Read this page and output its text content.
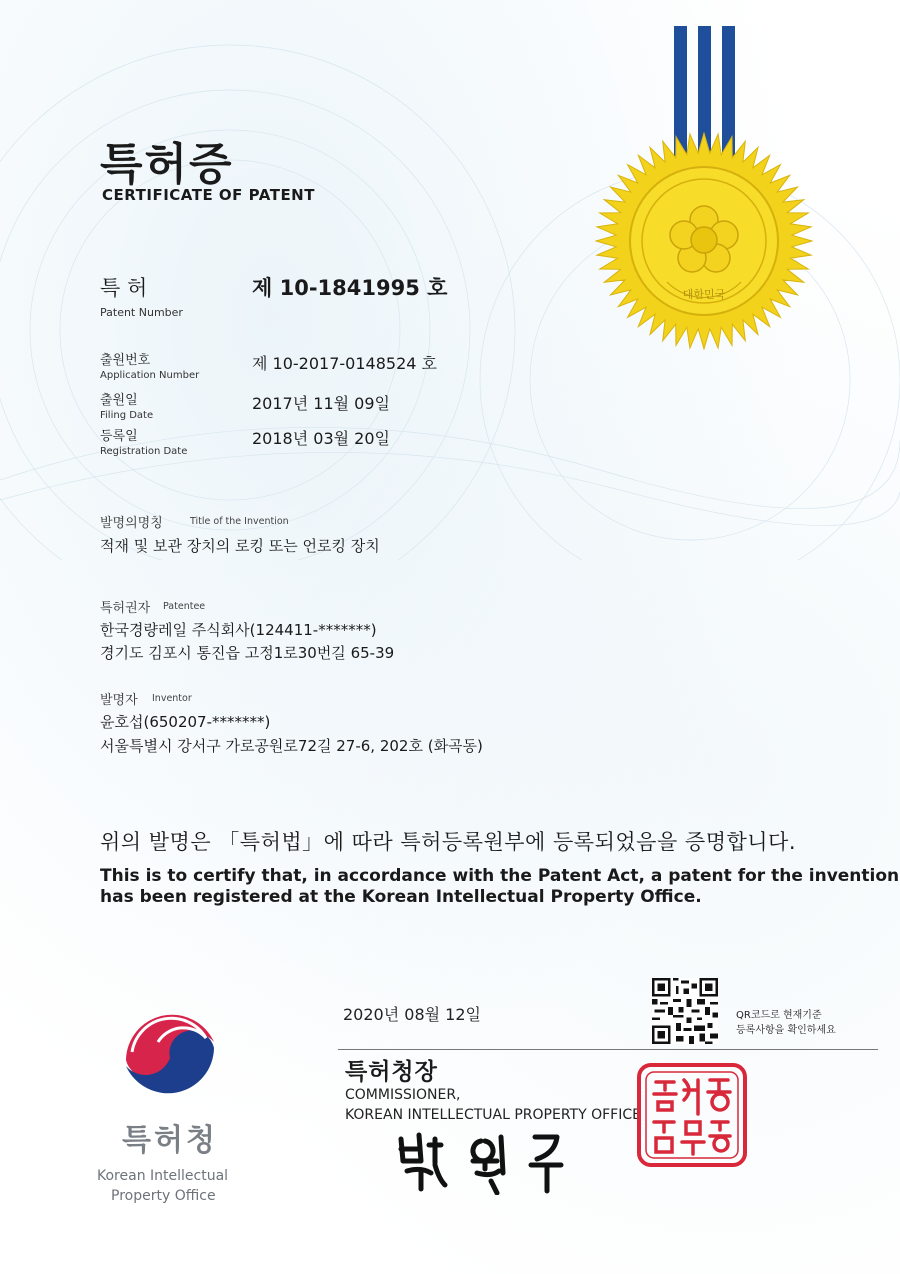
특허증
CERTIFICATE OF PATENT
대한민국
특 허
Patent Number
제 10-1841995 호
출원번호
Application Number
제 10-2017-0148524 호
출원일
Filing Date
2017년 11월 09일
등록일
Registration Date
2018년 03월 20일
발명의명칭	Title of the Invention
적재 및 보관 장치의 로킹 또는 언로킹 장치
특허권자 Patentee
한국경량레일 주식회사(124411-*******)
경기도 김포시 통진읍 고정1로30번길 65-39
발명자 Inventor
윤호섭(650207-*******)
서울특별시 강서구 가로공원로72길 27-6, 202호 (화곡동)
위의 발명은 「특허법」에 따라 특허등록원부에 등록되었음을 증명합니다.
This is to certify that, in accordance with the Patent Act, a patent for the invention
has been registered at the Korean Intellectual Property Office.
2020년 08월 12일	QR코드로 현재기준
등록사항을 확인하세요
특허청장
COMMISSIONER,
KOREAN INTELLECTUAL PROPERTY OFFICE
특허청
Korean Intellectual
Property Office
